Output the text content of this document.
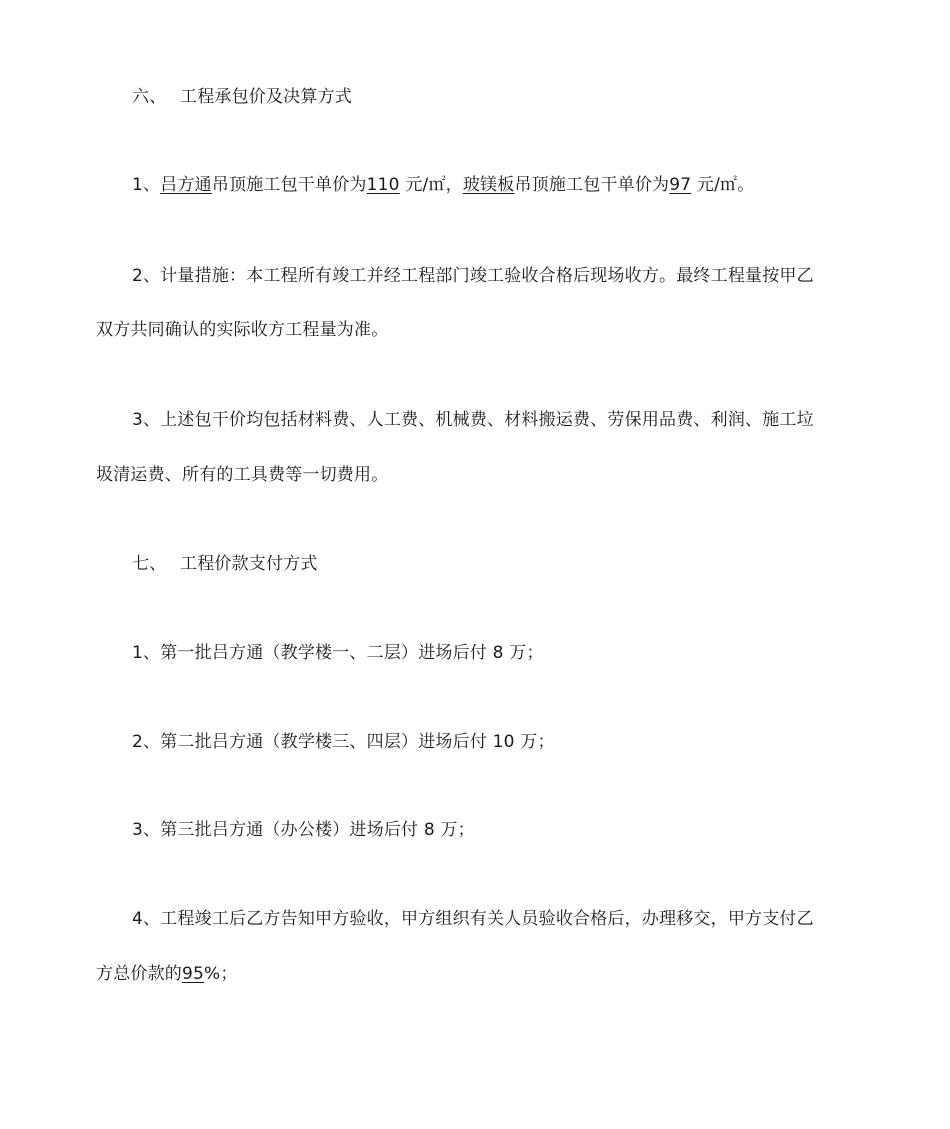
六、 工程承包价及决算方式
1、吕方通吊顶施工包干单价为110 元/㎡，玻镁板吊顶施工包干单价为97 元/㎡。
2、计量措施：本工程所有竣工并经工程部门竣工验收合格后现场收方。最终工程量按甲乙
双方共同确认的实际收方工程量为准。
3、上述包干价均包括材料费、人工费、机械费、材料搬运费、劳保用品费、利润、施工垃
圾清运费、所有的工具费等一切费用。
七、 工程价款支付方式
1、第一批吕方通（教学楼一、二层）进场后付 8 万；
2、第二批吕方通（教学楼三、四层）进场后付 10 万；
3、第三批吕方通（办公楼）进场后付 8 万；
4、工程竣工后乙方告知甲方验收，甲方组织有关人员验收合格后，办理移交，甲方支付乙
方总价款的95%；
